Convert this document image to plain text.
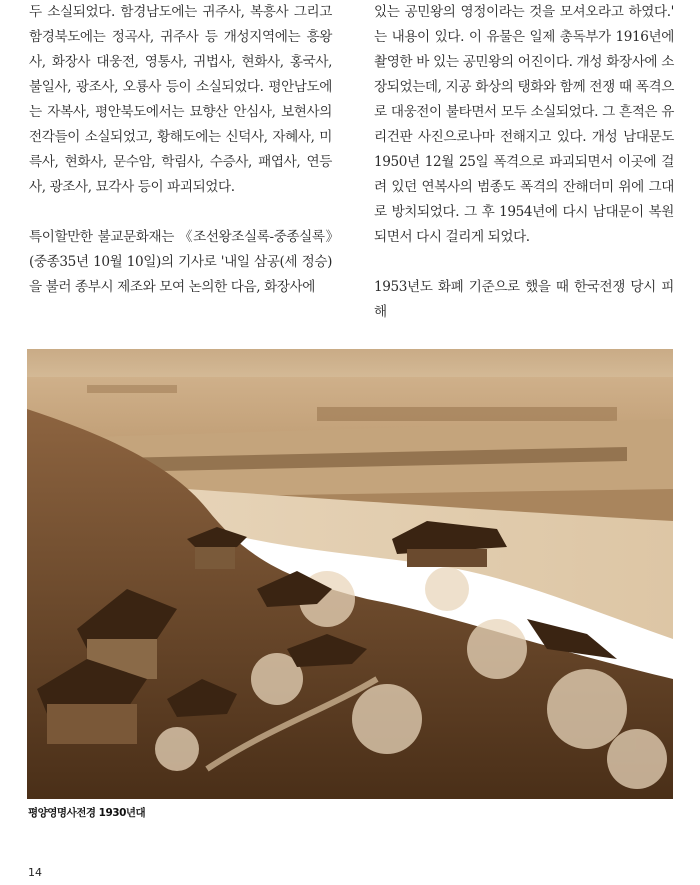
두 소실되었다. 함경남도에는 귀주사, 복흥사 그리고 함경북도에는 정곡사, 귀주사 등 개성지역에는 흥왕사, 화장사 대웅전, 영통사, 귀법사, 현화사, 홍국사, 불일사, 광조사, 오룡사 등이 소실되었다. 평안남도에는 자복사, 평안북도에서는 묘향산 안심사, 보현사의 전각들이 소실되었고, 황해도에는 신덕사, 자혜사, 미륵사, 현화사, 문수암, 학림사, 수증사, 패엽사, 연등사, 광조사, 묘각사 등이 파괴되었다.

특이할만한 불교문화재는 《조선왕조실록-중종실록》(중종35년 10월 10일)의 기사로 '내일 삼공(세 정승)을 불러 종부시 제조와 모여 논의한 다음, 화장사에

있는 공민왕의 영정이라는 것을 모셔오라고 하였다.' 는 내용이 있다. 이 유물은 일제 총독부가 1916년에 촬영한 바 있는 공민왕의 어진이다. 개성 화장사에 소장되었는데, 지공 화상의 탱화와 함께 전쟁 때 폭격으로 대웅전이 불타면서 모두 소실되었다. 그 흔적은 유리건판 사진으로나마 전해지고 있다. 개성 남대문도 1950년 12월 25일 폭격으로 파괴되면서 이곳에 걸려 있던 연복사의 범종도 폭격의 잔해더미 위에 그대로 방치되었다. 그 후 1954년에 다시 남대문이 복원되면서 다시 걸리게 되었다.

1953년도 화폐 기준으로 했을 때 한국전쟁 당시 피해

평양영명사전경 1930년대
14
